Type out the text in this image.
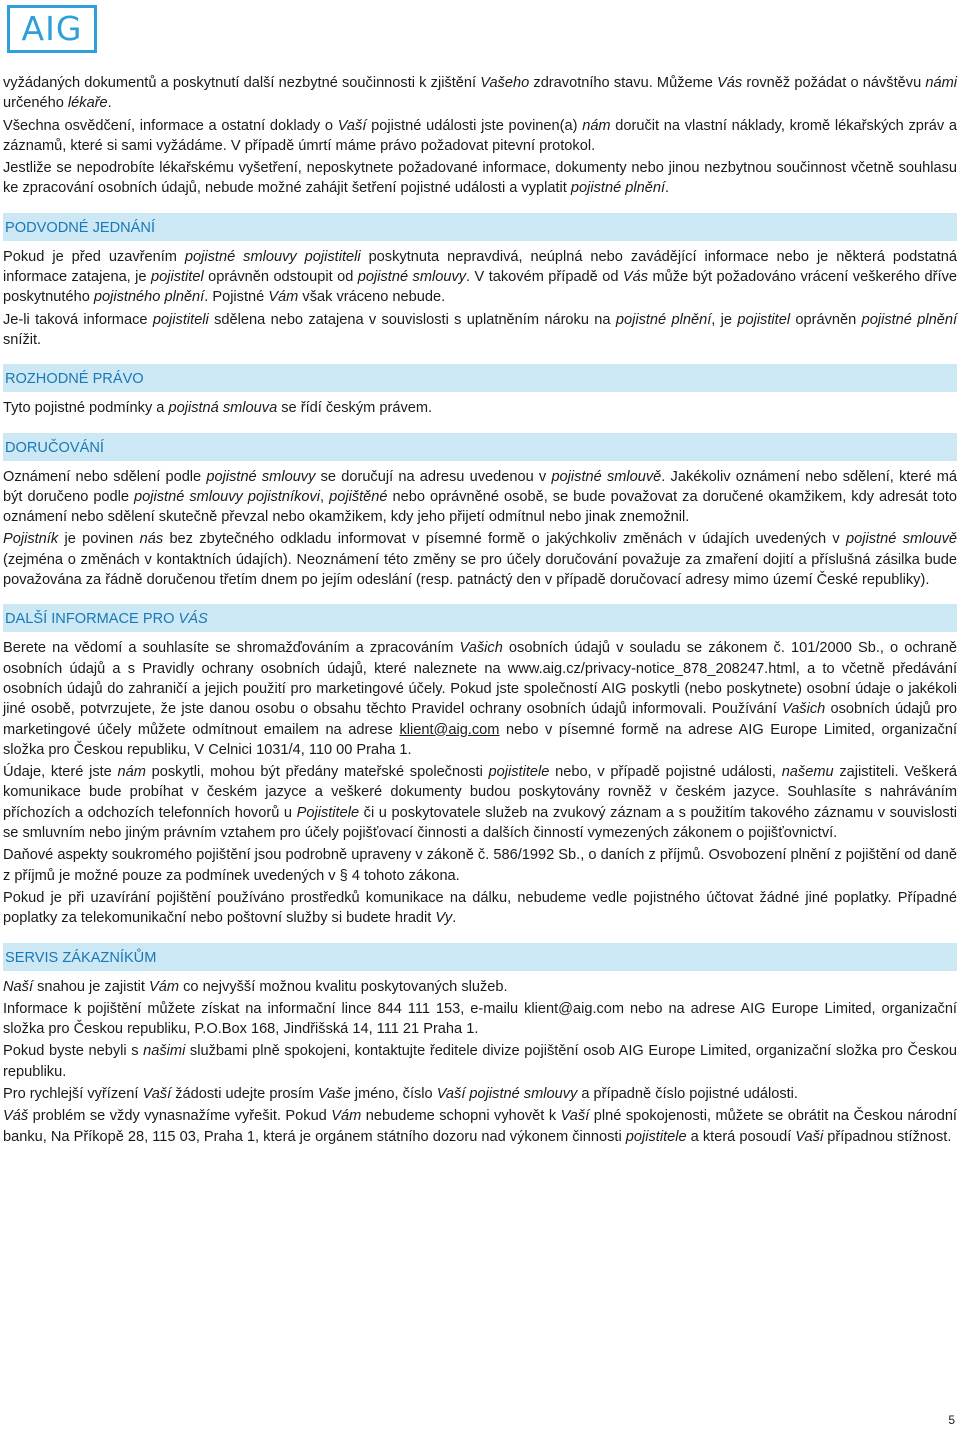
AIG

vyžádaných dokumentů a poskytnutí další nezbytné součinnosti k zjištění Vašeho zdravotního stavu. Můžeme Vás rovněž požádat o návštěvu námi určeného lékaře.

Všechna osvědčení, informace a ostatní doklady o Vaší pojistné události jste povinen(a) nám doručit na vlastní náklady, kromě lékařských zpráv a záznamů, které si sami vyžádáme. V případě úmrtí máme právo požadovat pitevní protokol.

Jestliže se nepodrobíte lékařskému vyšetření, neposkytnete požadované informace, dokumenty nebo jinou nezbytnou součinnost včetně souhlasu ke zpracování osobních údajů, nebude možné zahájit šetření pojistné události a vyplatit pojistné plnění.

PODVODNÉ JEDNÁNÍ

Pokud je před uzavřením pojistné smlouvy pojistiteli poskytnuta nepravdivá, neúplná nebo zavádějící informace nebo je některá podstatná informace zatajena, je pojistitel oprávněn odstoupit od pojistné smlouvy. V takovém případě od Vás může být požadováno vrácení veškerého dříve poskytnutého pojistného plnění. Pojistné Vám však vráceno nebude.

Je-li taková informace pojistiteli sdělena nebo zatajena v souvislosti s uplatněním nároku na pojistné plnění, je pojistitel oprávněn pojistné plnění snížit.

ROZHODNÉ PRÁVO

Tyto pojistné podmínky a pojistná smlouva se řídí českým právem.

DORUČOVÁNÍ

Oznámení nebo sdělení podle pojistné smlouvy se doručují na adresu uvedenou v pojistné smlouvě. Jakékoliv oznámení nebo sdělení, které má být doručeno podle pojistné smlouvy pojistníkovi, pojištěné nebo oprávněné osobě, se bude považovat za doručené okamžikem, kdy adresát toto oznámení nebo sdělení skutečně převzal nebo okamžikem, kdy jeho přijetí odmítnul nebo jinak znemožnil.

Pojistník je povinen nás bez zbytečného odkladu informovat v písemné formě o jakýchkoliv změnách v údajích uvedených v pojistné smlouvě (zejména o změnách v kontaktních údajích). Neoznámení této změny se pro účely doručování považuje za zmaření dojití a příslušná zásilka bude považována za řádně doručenou třetím dnem po jejím odeslání (resp. patnáctý den v případě doručovací adresy mimo území České republiky).

DALŠÍ INFORMACE PRO VÁS

Berete na vědomí a souhlasíte se shromažďováním a zpracováním Vašich osobních údajů v souladu se zákonem č. 101/2000 Sb., o ochraně osobních údajů a s Pravidly ochrany osobních údajů, které naleznete na www.aig.cz/privacy-notice_878_208247.html, a to včetně předávání osobních údajů do zahraničí a jejich použití pro marketingové účely. Pokud jste společností AIG poskytli (nebo poskytnete) osobní údaje o jakékoli jiné osobě, potvrzujete, že jste danou osobu o obsahu těchto Pravidel ochrany osobních údajů informovali. Používání Vašich osobních údajů pro marketingové účely můžete odmítnout emailem na adrese klient@aig.com nebo v písemné formě na adrese AIG Europe Limited, organizační složka pro Českou republiku, V Celnici 1031/4, 110 00 Praha 1.

Údaje, které jste nám poskytli, mohou být předány mateřské společnosti pojistitele nebo, v případě pojistné události, našemu zajistiteli. Veškerá komunikace bude probíhat v českém jazyce a veškeré dokumenty budou poskytovány rovněž v českém jazyce. Souhlasíte s nahráváním příchozích a odchozích telefonních hovorů u Pojistitele či u poskytovatele služeb na zvukový záznam a s použitím takového záznamu v souvislosti se smluvním nebo jiným právním vztahem pro účely pojišťovací činnosti a dalších činností vymezených zákonem o pojišťovnictví.

Daňové aspekty soukromého pojištění jsou podrobně upraveny v zákoně č. 586/1992 Sb., o daních z příjmů. Osvobození plnění z pojištění od daně z příjmů je možné pouze za podmínek uvedených v § 4 tohoto zákona.

Pokud je při uzavírání pojištění používáno prostředků komunikace na dálku, nebudeme vedle pojistného účtovat žádné jiné poplatky. Případné poplatky za telekomunikační nebo poštovní služby si budete hradit Vy.

SERVIS ZÁKAZNÍKŮM

Naší snahou je zajistit Vám co nejvyšší možnou kvalitu poskytovaných služeb.

Informace k pojištění můžete získat na informační lince 844 111 153, e-mailu klient@aig.com nebo na adrese AIG Europe Limited, organizační složka pro Českou republiku, P.O.Box 168, Jindřišská 14, 111 21 Praha 1.

Pokud byste nebyli s našimi službami plně spokojeni, kontaktujte ředitele divize pojištění osob AIG Europe Limited, organizační složka pro Českou republiku.

Pro rychlejší vyřízení Vaší žádosti udejte prosím Vaše jméno, číslo Vaší pojistné smlouvy a případně číslo pojistné události.

Váš problém se vždy vynasnažíme vyřešit. Pokud Vám nebudeme schopni vyhovět k Vaší plné spokojenosti, můžete se obrátit na Českou národní banku, Na Příkopě 28, 115 03, Praha 1, která je orgánem státního dozoru nad výkonem činnosti pojistitele a která posoudí Vaši případnou stížnost.

5
